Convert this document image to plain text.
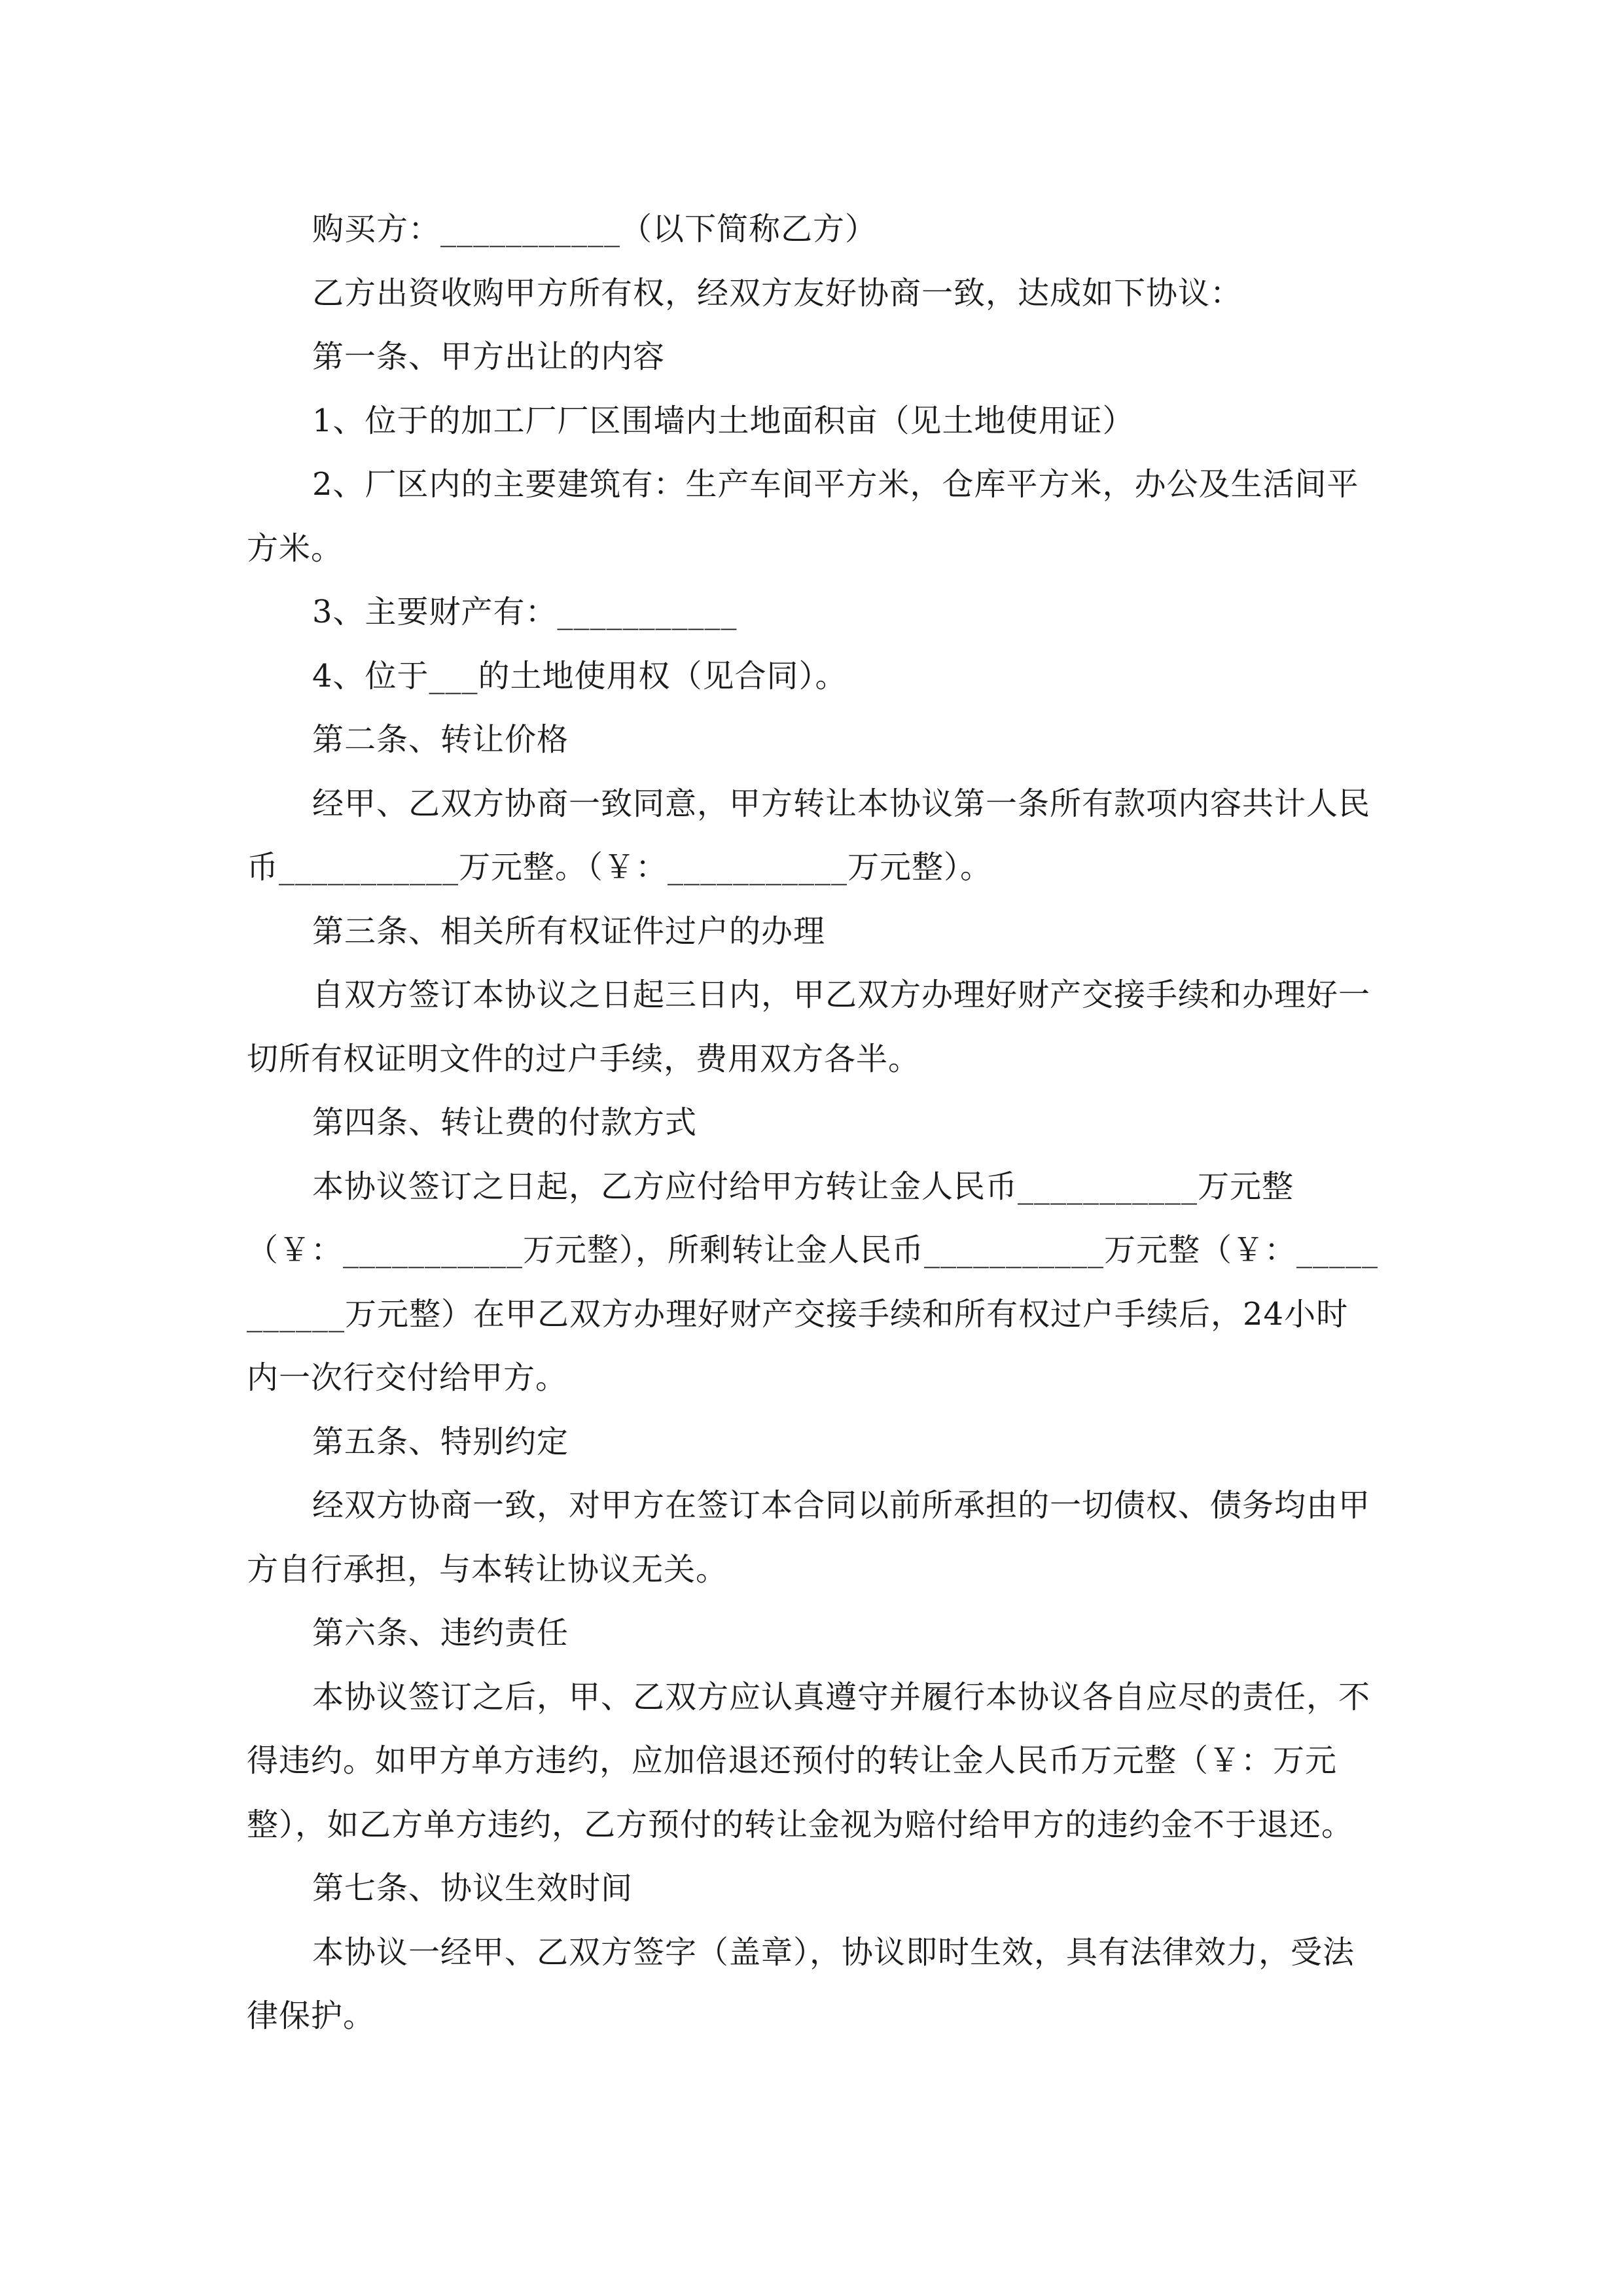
购买方：___________（以下简称乙方）

乙方出资收购甲方所有权，经双方友好协商一致，达成如下协议：

第一条、甲方出让的内容

1、位于的加工厂厂区围墙内土地面积亩（见土地使用证）

2、厂区内的主要建筑有：生产车间平方米，仓库平方米，办公及生活间平方米。

3、主要财产有：___________

4、位于___的土地使用权（见合同）。

第二条、转让价格

经甲、乙双方协商一致同意，甲方转让本协议第一条所有款项内容共计人民币___________万元整。（￥：___________万元整）。

第三条、相关所有权证件过户的办理

自双方签订本协议之日起三日内，甲乙双方办理好财产交接手续和办理好一切所有权证明文件的过户手续，费用双方各半。

第四条、转让费的付款方式

本协议签订之日起，乙方应付给甲方转让金人民币___________万元整（￥：___________万元整），所剩转让金人民币___________万元整（￥：___________万元整）在甲乙双方办理好财产交接手续和所有权过户手续后，24小时内一次行交付给甲方。

第五条、特别约定

经双方协商一致，对甲方在签订本合同以前所承担的一切债权、债务均由甲方自行承担，与本转让协议无关。

第六条、违约责任

本协议签订之后，甲、乙双方应认真遵守并履行本协议各自应尽的责任，不得违约。如甲方单方违约，应加倍退还预付的转让金人民币万元整（￥：万元整），如乙方单方违约，乙方预付的转让金视为赔付给甲方的违约金不于退还。

第七条、协议生效时间

本协议一经甲、乙双方签字（盖章），协议即时生效，具有法律效力，受法律保护。
